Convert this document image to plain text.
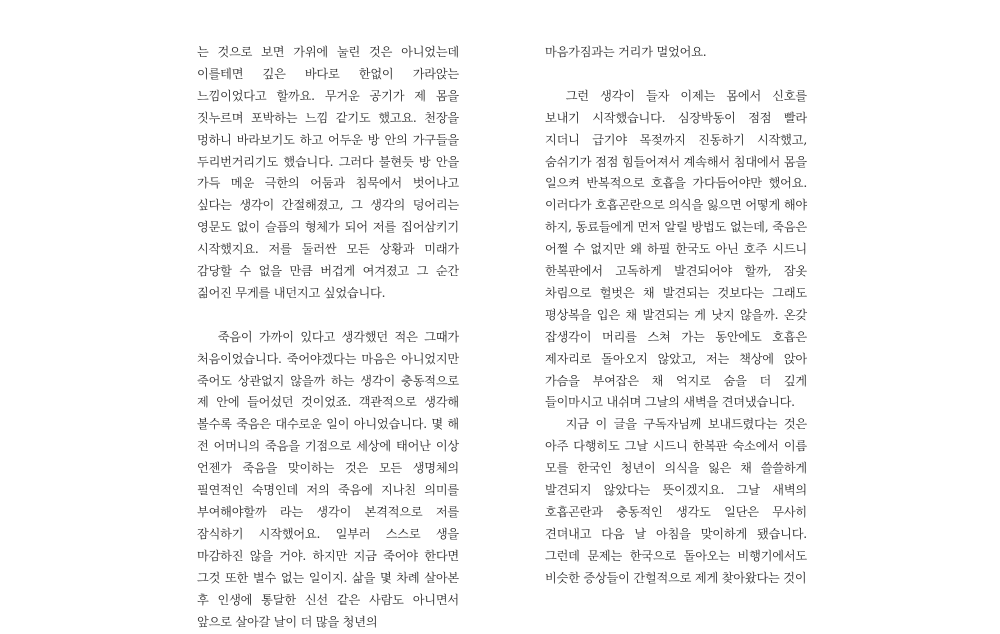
는 것으로 보면 가위에 눌린 것은 아니었는데 이를테면 깊은 바다로 한없이 가라앉는 느낌이었다고 할까요. 무거운 공기가 제 몸을 짓누르며 포박하는 느낌 같기도 했고요. 천장을 멍하니 바라보기도 하고 어두운 방 안의 가구들을 두리번거리기도 했습니다. 그러다 불현듯 방 안을 가득 메운 극한의 어둠과 침묵에서 벗어나고 싶다는 생각이 간절해졌고, 그 생각의 덩어리는 영문도 없이 슬픔의 형체가 되어 저를 집어삼키기 시작했지요. 저를 둘러싼 모든 상황과 미래가 감당할 수 없을 만큼 버겁게 여겨졌고 그 순간 짊어진 무게를 내던지고 싶었습니다.

죽음이 가까이 있다고 생각했던 적은 그때가 처음이었습니다. 죽어야겠다는 마음은 아니었지만 죽어도 상관없지 않을까 하는 생각이 충동적으로 제 안에 들어섰던 것이었죠. 객관적으로 생각해 볼수록 죽음은 대수로운 일이 아니었습니다. 몇 해 전 어머니의 죽음을 기점으로 세상에 태어난 이상 언젠가 죽음을 맞이하는 것은 모든 생명체의 필연적인 숙명인데 저의 죽음에 지나친 의미를 부여해야할까 라는 생각이 본격적으로 저를 잠식하기 시작했어요. 일부러 스스로 생을 마감하진 않을 거야. 하지만 지금 죽어야 한다면 그것 또한 별수 없는 일이지. 삶을 몇 차례 살아본 후 인생에 통달한 신선 같은 사람도 아니면서 앞으로 살아갈 날이 더 많을 청년의

마음가짐과는 거리가 멀었어요.

그런 생각이 들자 이제는 몸에서 신호를 보내기 시작했습니다. 심장박동이 점점 빨라 지더니 급기야 목젖까지 진동하기 시작했고, 숨쉬기가 점점 힘들어져서 계속해서 침대에서 몸을 일으켜 반복적으로 호흡을 가다듬어야만 했어요. 이러다가 호흡곤란으로 의식을 잃으면 어떻게 해야 하지, 동료들에게 먼저 알릴 방법도 없는데, 죽음은 어쩔 수 없지만 왜 하필 한국도 아닌 호주 시드니 한복판에서 고독하게 발견되어야 할까, 잠옷 차림으로 헐벗은 채 발견되는 것보다는 그래도 평상복을 입은 채 발견되는 게 낫지 않을까. 온갖 잡생각이 머리를 스쳐 가는 동안에도 호흡은 제자리로 돌아오지 않았고, 저는 책상에 앉아 가슴을 부여잡은 채 억지로 숨을 더 깊게 들이마시고 내쉬며 그날의 새벽을 견뎌냈습니다.

지금 이 글을 구독자님께 보내드렸다는 것은 아주 다행히도 그날 시드니 한복판 숙소에서 이름 모를 한국인 청년이 의식을 잃은 채 쓸쓸하게 발견되지 않았다는 뜻이겠지요. 그날 새벽의 호흡곤란과 충동적인 생각도 일단은 무사히 견뎌내고 다음 날 아침을 맞이하게 됐습니다. 그런데 문제는 한국으로 돌아오는 비행기에서도 비슷한 증상들이 간헐적으로 제게 찾아왔다는 것이
